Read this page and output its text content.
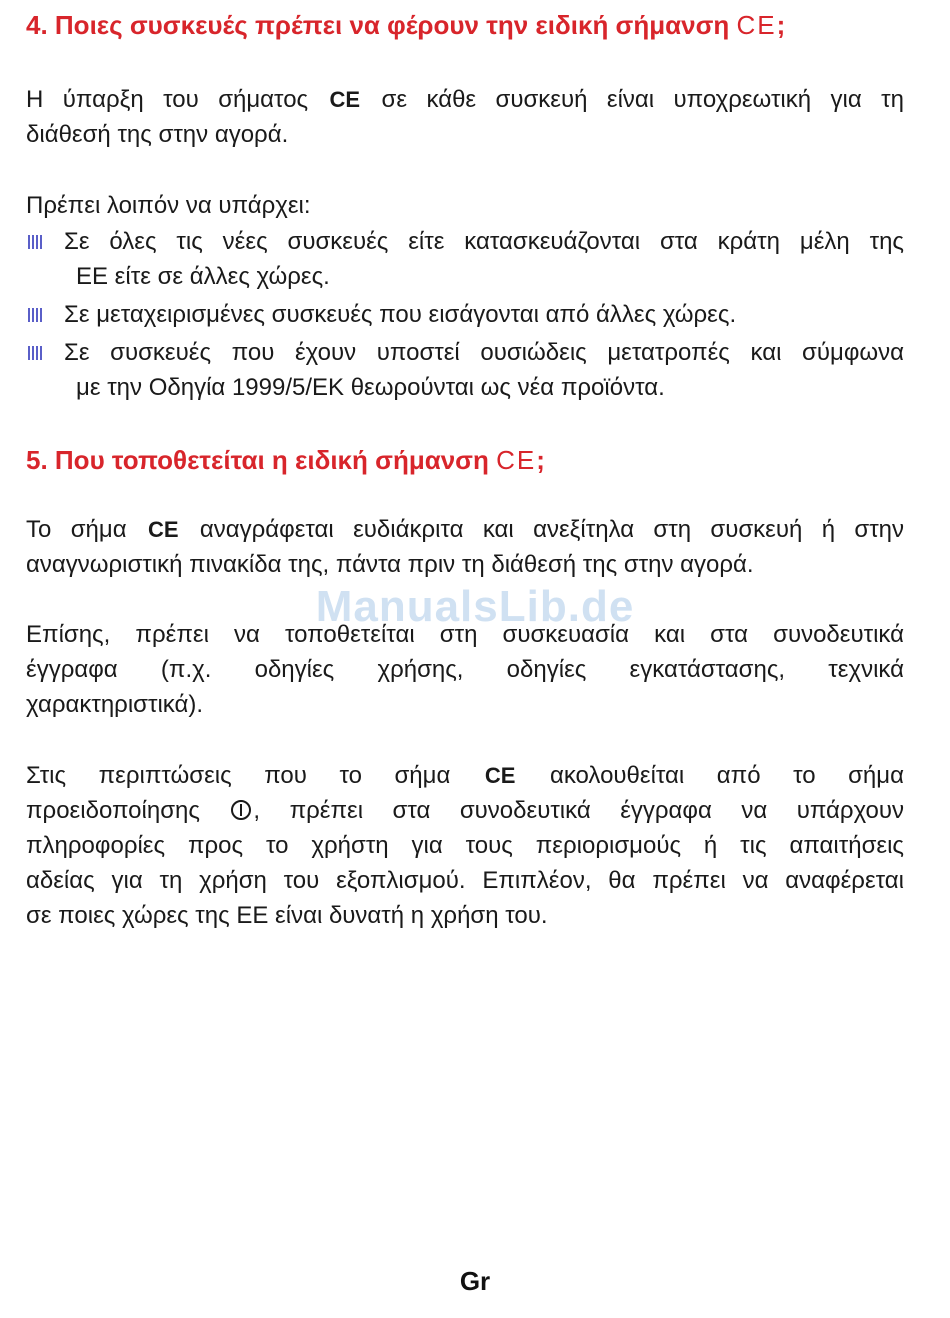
4. Ποιες συσκευές πρέπει να φέρουν την ειδική σήμανση CE;
Η ύπαρξη του σήματος CE σε κάθε συσκευή είναι υποχρεωτική για τη
διάθεσή της στην αγορά.
Πρέπει λοιπόν να υπάρχει:
Σε όλες τις νέες συσκευές είτε κατασκευάζονται στα κράτη μέλη της
ΕΕ είτε σε άλλες χώρες.
Σε μεταχειρισμένες συσκευές που εισάγονται από άλλες χώρες.
Σε συσκευές που έχουν υποστεί ουσιώδεις μετατροπές και σύμφωνα
με την Οδηγία 1999/5/ΕΚ θεωρούνται ως νέα προϊόντα.
5. Που τοποθετείται η ειδική σήμανση CE;
Το σήμα CE αναγράφεται ευδιάκριτα και ανεξίτηλα στη συσκευή ή στην
αναγνωριστική πινακίδα της, πάντα πριν τη διάθεσή της στην αγορά.
ManualsLib.de
Επίσης, πρέπει να τοποθετείται στη συσκευασία και στα συνοδευτικά
έγγραφα (π.χ. οδηγίες χρήσης, οδηγίες εγκατάστασης, τεχνικά
χαρακτηριστικά).
Στις περιπτώσεις που το σήμα CE ακολουθείται από το σήμα
προειδοποίησης , πρέπει στα συνοδευτικά έγγραφα να υπάρχουν
πληροφορίες προς το χρήστη για τους περιορισμούς ή τις απαιτήσεις
αδείας για τη χρήση του εξοπλισμού. Επιπλέον, θα πρέπει να αναφέρεται
σε ποιες χώρες της ΕΕ είναι δυνατή η χρήση του.
Gr
